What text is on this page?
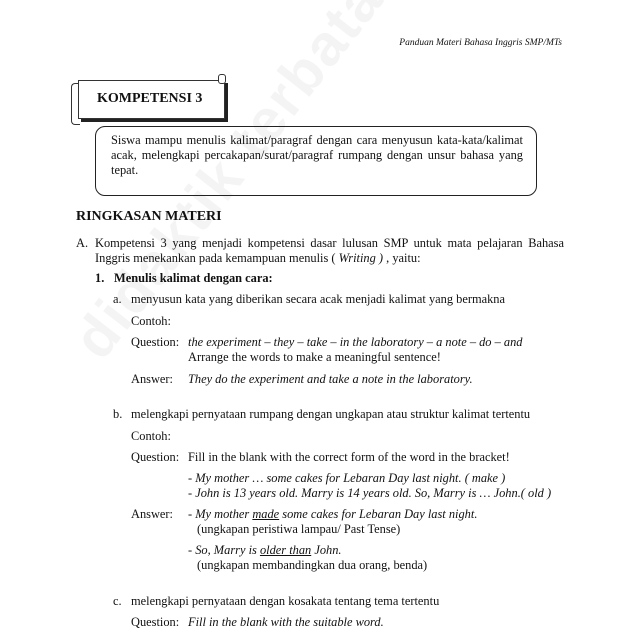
Panduan Materi Bahasa Inggris SMP/MTs
KOMPETENSI 3
Siswa mampu menulis kalimat/paragraf dengan cara menyusun kata-kata/kalimat acak, melengkapi percakapan/surat/paragraf rumpang dengan unsur bahasa yang tepat.
RINGKASAN MATERI
A. Kompetensi 3 yang menjadi kompetensi dasar lulusan SMP untuk mata pelajaran Bahasa
Inggris menekankan pada kemampuan menulis ( Writing ) , yaitu:
1. Menulis kalimat dengan cara:
a. menyusun kata yang diberikan secara acak menjadi kalimat yang bermakna
Contoh:
Question: the experiment – they – take – in the laboratory – a note – do – and
Arrange the words to make a meaningful sentence!
Answer: They do the experiment and take a note in the laboratory.
b. melengkapi pernyataan rumpang dengan ungkapan atau struktur kalimat tertentu
Contoh:
Question: Fill in the blank with the correct form of the word in the bracket!
- My mother … some cakes for Lebaran Day last night. ( make )
- John is 13 years old. Marry is 14 years old. So, Marry is … John.( old )
Answer: - My mother made some cakes for Lebaran Day last night.
(ungkapan peristiwa lampau/ Past Tense)
- So, Marry is older than John.
(ungkapan membandingkan dua orang, benda)
c. melengkapi pernyataan dengan kosakata tentang tema tertentu
Question: Fill in the blank with the suitable word.
